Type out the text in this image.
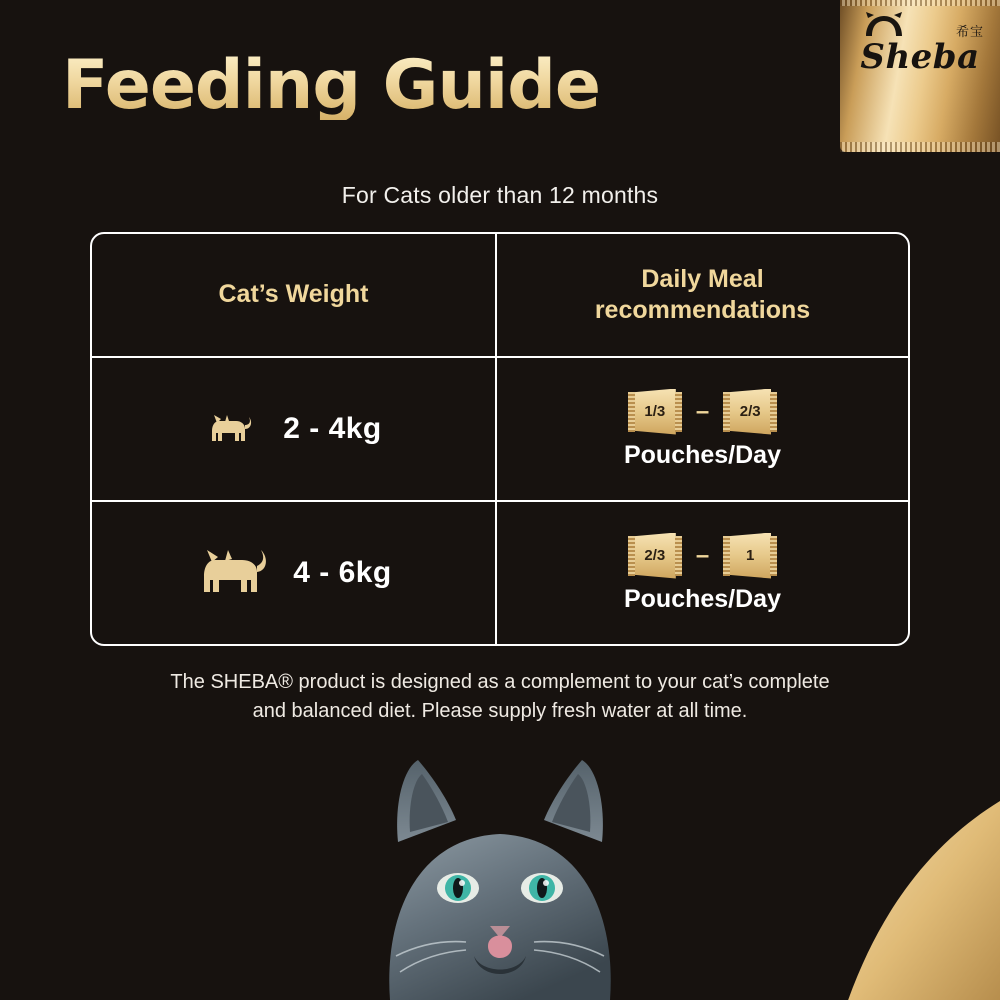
Sheba
希宝
Feeding Guide
For Cats older than 12 months
Cat’s Weight
Daily Meal
recommendations
2 - 4kg
1/3 – 2/3
Pouches/Day
4 - 6kg
2/3 – 1
Pouches/Day
The SHEBA® product is designed as a complement to your cat’s complete
and balanced diet. Please supply fresh water at all time.
